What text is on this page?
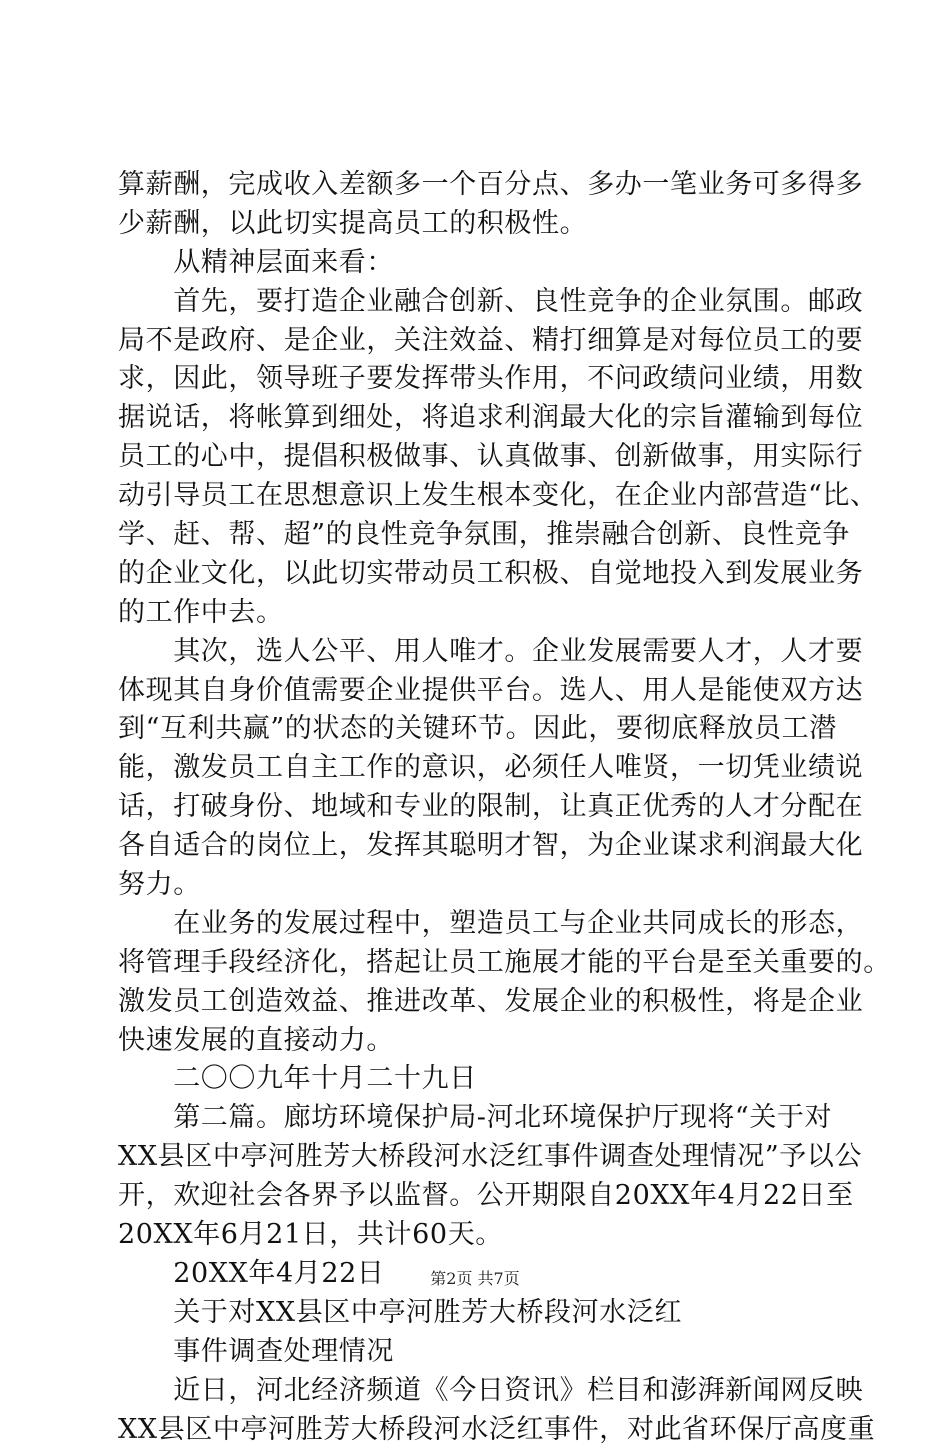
算薪酬，完成收入差额多一个百分点、多办一笔业务可多得多
少薪酬，以此切实提高员工的积极性。
　　从精神层面来看：
　　首先，要打造企业融合创新、良性竞争的企业氛围。邮政
局不是政府、是企业，关注效益、精打细算是对每位员工的要
求，因此，领导班子要发挥带头作用，不问政绩问业绩，用数
据说话，将帐算到细处，将追求利润最大化的宗旨灌输到每位
员工的心中，提倡积极做事、认真做事、创新做事，用实际行
动引导员工在思想意识上发生根本变化，在企业内部营造“比、
学、赶、帮、超”的良性竞争氛围，推崇融合创新、良性竞争
的企业文化，以此切实带动员工积极、自觉地投入到发展业务
的工作中去。
　　其次，选人公平、用人唯才。企业发展需要人才，人才要
体现其自身价值需要企业提供平台。选人、用人是能使双方达
到“互利共赢”的状态的关键环节。因此，要彻底释放员工潜
能，激发员工自主工作的意识，必须任人唯贤，一切凭业绩说
话，打破身份、地域和专业的限制，让真正优秀的人才分配在
各自适合的岗位上，发挥其聪明才智，为企业谋求利润最大化
努力。
　　在业务的发展过程中，塑造员工与企业共同成长的形态，
将管理手段经济化，搭起让员工施展才能的平台是至关重要的。
激发员工创造效益、推进改革、发展企业的积极性，将是企业
快速发展的直接动力。
　　二〇〇九年十月二十九日
　　第二篇。廊坊环境保护局-河北环境保护厅现将“关于对
XX县区中亭河胜芳大桥段河水泛红事件调查处理情况”予以公
开，欢迎社会各界予以监督。公开期限自20XX年4月22日至
20XX年6月21日，共计60天。
　　20XX年4月22日
　　关于对XX县区中亭河胜芳大桥段河水泛红
　　事件调查处理情况
　　近日，河北经济频道《今日资讯》栏目和澎湃新闻网反映
XX县区中亭河胜芳大桥段河水泛红事件，对此省环保厅高度重
第2页 共7页
